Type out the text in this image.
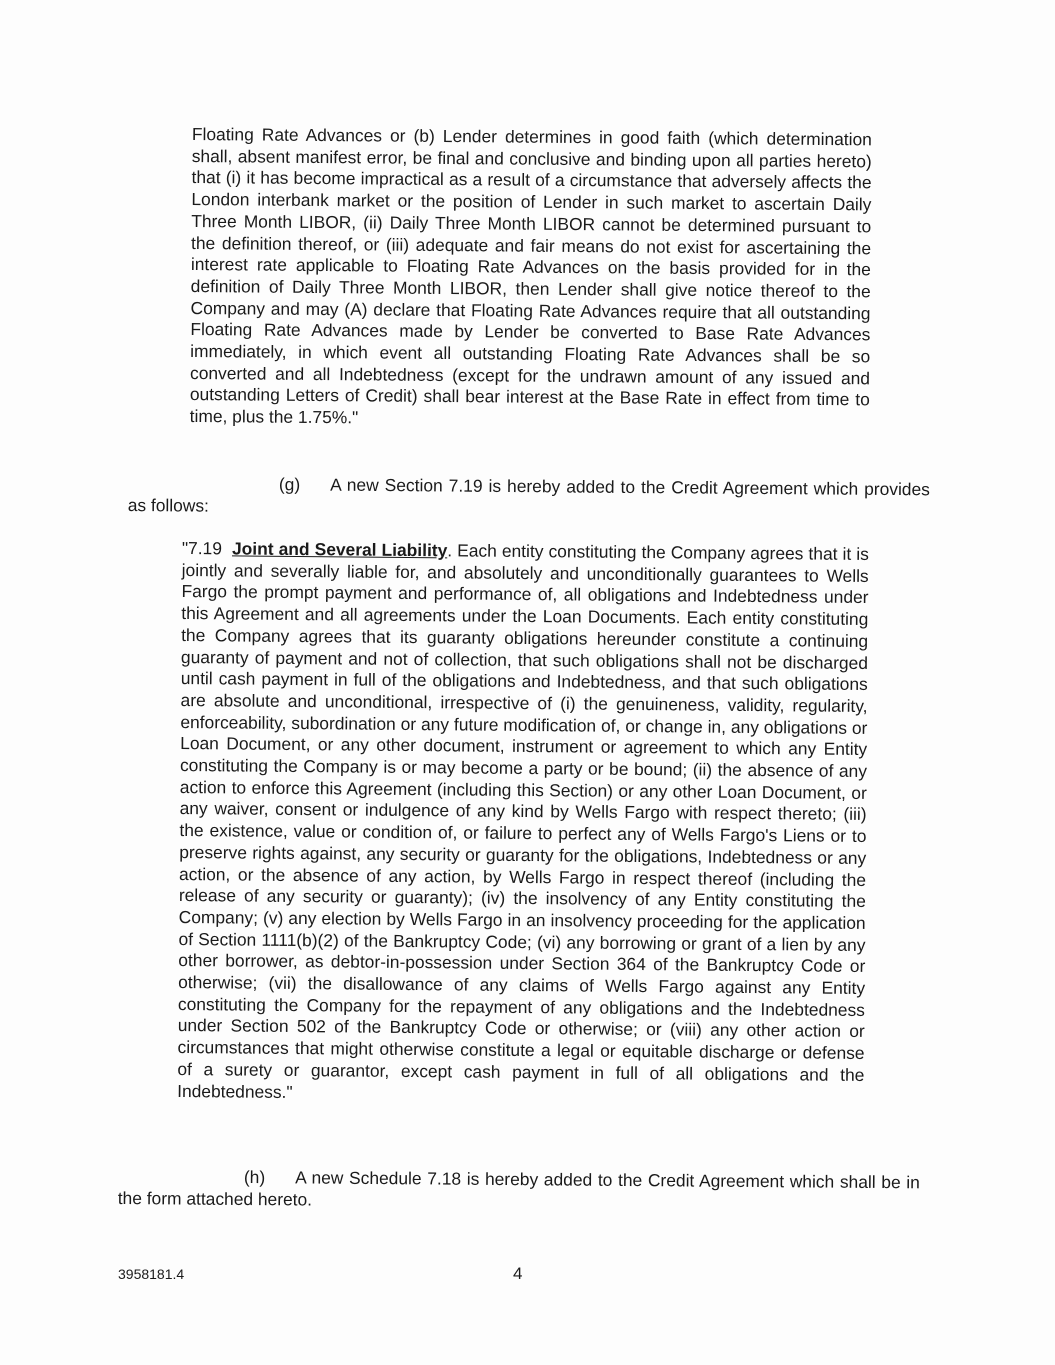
Floating Rate Advances or (b) Lender determines in good faith (which determination shall, absent manifest error, be final and conclusive and binding upon all parties hereto) that (i) it has become impractical as a result of a circumstance that adversely affects the London interbank market or the position of Lender in such market to ascertain Daily Three Month LIBOR, (ii) Daily Three Month LIBOR cannot be determined pursuant to the definition thereof, or (iii) adequate and fair means do not exist for ascertaining the interest rate applicable to Floating Rate Advances on the basis provided for in the definition of Daily Three Month LIBOR, then Lender shall give notice thereof to the Company and may (A) declare that Floating Rate Advances require that all outstanding Floating Rate Advances made by Lender be converted to Base Rate Advances immediately, in which event all outstanding Floating Rate Advances shall be so converted and all Indebtedness (except for the undrawn amount of any issued and outstanding Letters of Credit) shall bear interest at the Base Rate in effect from time to time, plus the 1.75%."
(g) A new Section 7.19 is hereby added to the Credit Agreement which provides as follows:
"7.19 Joint and Several Liability. Each entity constituting the Company agrees that it is jointly and severally liable for, and absolutely and unconditionally guarantees to Wells Fargo the prompt payment and performance of, all obligations and Indebtedness under this Agreement and all agreements under the Loan Documents. Each entity constituting the Company agrees that its guaranty obligations hereunder constitute a continuing guaranty of payment and not of collection, that such obligations shall not be discharged until cash payment in full of the obligations and Indebtedness, and that such obligations are absolute and unconditional, irrespective of (i) the genuineness, validity, regularity, enforceability, subordination or any future modification of, or change in, any obligations or Loan Document, or any other document, instrument or agreement to which any Entity constituting the Company is or may become a party or be bound; (ii) the absence of any action to enforce this Agreement (including this Section) or any other Loan Document, or any waiver, consent or indulgence of any kind by Wells Fargo with respect thereto; (iii) the existence, value or condition of, or failure to perfect any of Wells Fargo's Liens or to preserve rights against, any security or guaranty for the obligations, Indebtedness or any action, or the absence of any action, by Wells Fargo in respect thereof (including the release of any security or guaranty); (iv) the insolvency of any Entity constituting the Company; (v) any election by Wells Fargo in an insolvency proceeding for the application of Section 1111(b)(2) of the Bankruptcy Code; (vi) any borrowing or grant of a lien by any other borrower, as debtor-in-possession under Section 364 of the Bankruptcy Code or otherwise; (vii) the disallowance of any claims of Wells Fargo against any Entity constituting the Company for the repayment of any obligations and the Indebtedness under Section 502 of the Bankruptcy Code or otherwise; or (viii) any other action or circumstances that might otherwise constitute a legal or equitable discharge or defense of a surety or guarantor, except cash payment in full of all obligations and the Indebtedness."
(h) A new Schedule 7.18 is hereby added to the Credit Agreement which shall be in the form attached hereto.
3958181.4	4
